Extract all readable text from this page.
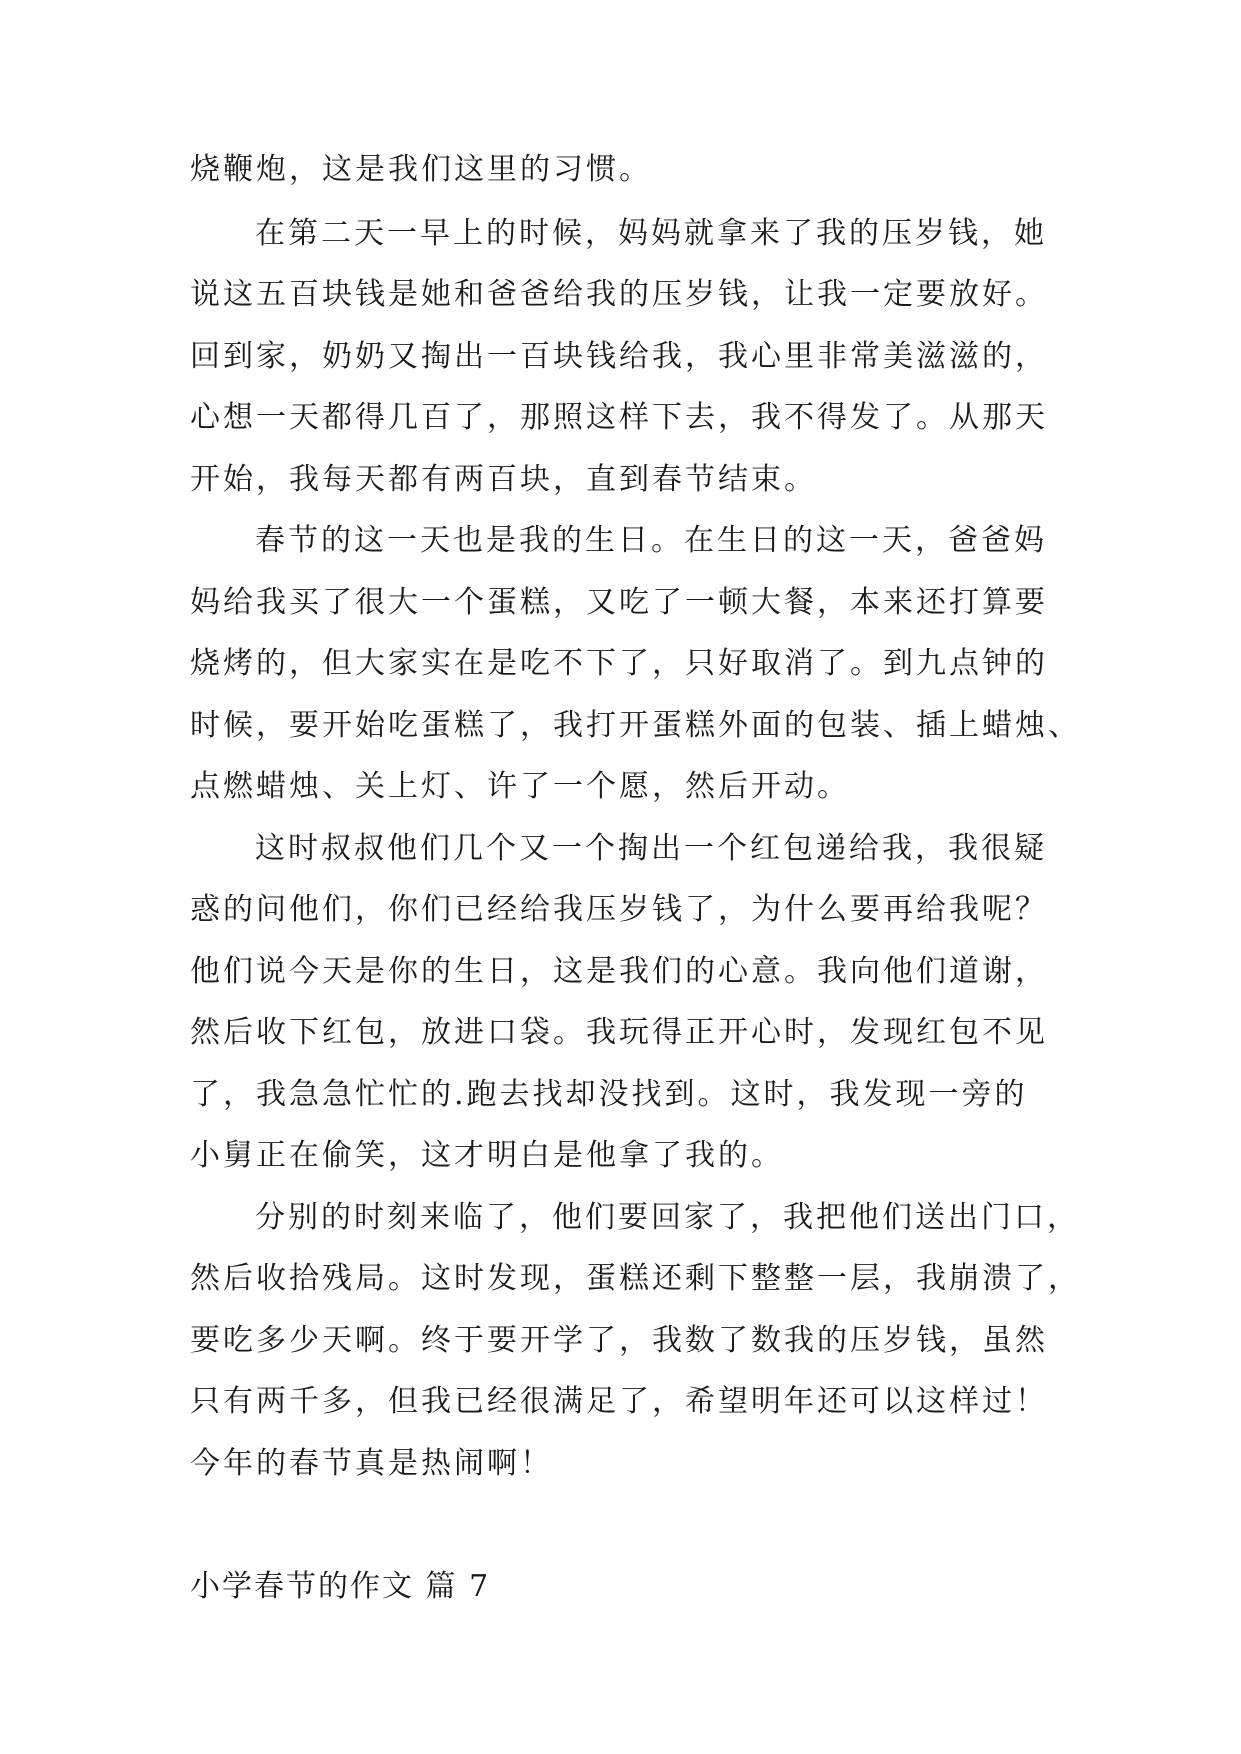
烧鞭炮，这是我们这里的习惯。
在第二天一早上的时候，妈妈就拿来了我的压岁钱，她
说这五百块钱是她和爸爸给我的压岁钱，让我一定要放好。
回到家，奶奶又掏出一百块钱给我，我心里非常美滋滋的，
心想一天都得几百了，那照这样下去，我不得发了。从那天
开始，我每天都有两百块，直到春节结束。
春节的这一天也是我的生日。在生日的这一天，爸爸妈
妈给我买了很大一个蛋糕，又吃了一顿大餐，本来还打算要
烧烤的，但大家实在是吃不下了，只好取消了。到九点钟的
时候，要开始吃蛋糕了，我打开蛋糕外面的包装、插上蜡烛、
点燃蜡烛、关上灯、许了一个愿，然后开动。
这时叔叔他们几个又一个掏出一个红包递给我，我很疑
惑的问他们，你们已经给我压岁钱了，为什么要再给我呢？
他们说今天是你的生日，这是我们的心意。我向他们道谢，
然后收下红包，放进口袋。我玩得正开心时，发现红包不见
了，我急急忙忙的.跑去找却没找到。这时，我发现一旁的
小舅正在偷笑，这才明白是他拿了我的。
分别的时刻来临了，他们要回家了，我把他们送出门口，
然后收拾残局。这时发现，蛋糕还剩下整整一层，我崩溃了，
要吃多少天啊。终于要开学了，我数了数我的压岁钱，虽然
只有两千多，但我已经很满足了，希望明年还可以这样过！
今年的春节真是热闹啊！
小学春节的作文 篇 7
